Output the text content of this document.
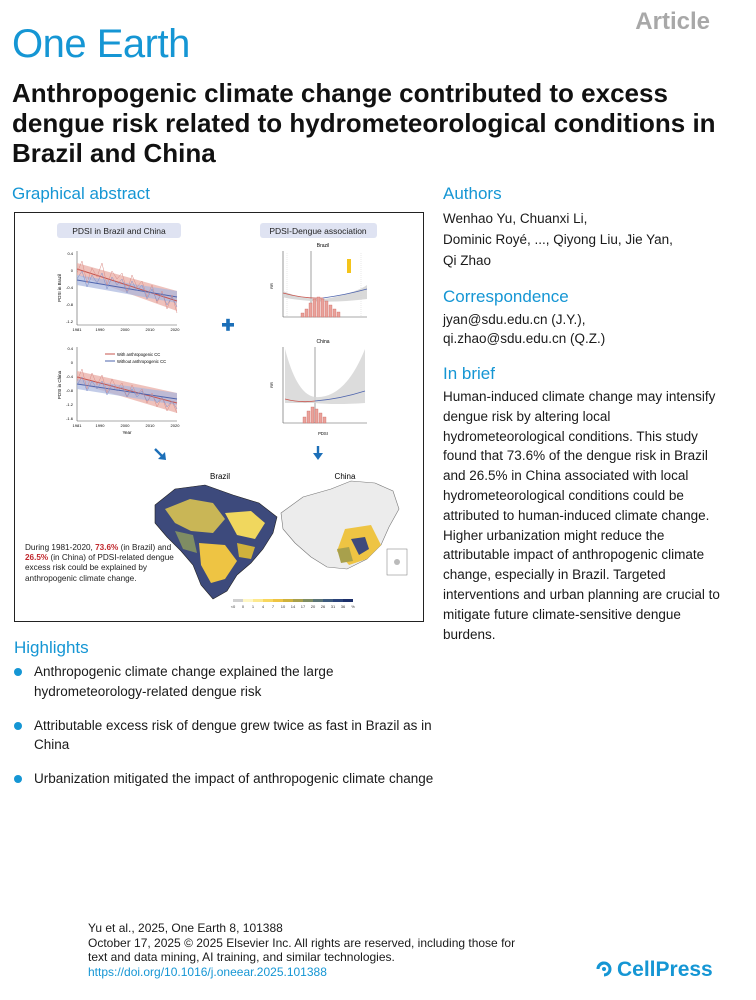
Article
One Earth
Anthropogenic climate change contributed to excess dengue risk related to hydrometeorological conditions in Brazil and China
Graphical abstract
PDSI in Brazil and China	PDSI-Dengue association
0.4
0
-0.4
-0.8
-1.2
PDSI in Brazil
1981	1990	2000	2010	2020
0.4
0
-0.4
-0.8
-1.2
-1.6
PDSI in China
1981	1990	2000	2010	2020
Year
With anthropogenic CC
Without anthropogenic CC
Brazil
RR
China
RR
PDSI
Brazil	China
<0 0 1 4 7 10 14 17 20 26 31 36 %
During 1981-2020, 73.6% (in Brazil) and 26.5% (in China) of PDSI-related dengue excess risk could be explained by anthropogenic climate change.
Authors
Wenhao Yu, Chuanxi Li,
Dominic Royé, ..., Qiyong Liu, Jie Yan,
Qi Zhao
Correspondence
jyan@sdu.edu.cn (J.Y.),
qi.zhao@sdu.edu.cn (Q.Z.)
In brief
Human-induced climate change may intensify dengue risk by altering local hydrometeorological conditions. This study found that 73.6% of the dengue risk in Brazil and 26.5% in China associated with local hydrometeorological conditions could be attributed to human-induced climate change. Higher urbanization might reduce the attributable impact of anthropogenic climate change, especially in Brazil. Targeted interventions and urban planning are crucial to mitigate future climate-sensitive dengue burdens.
Highlights
Anthropogenic climate change explained the large hydrometeorology-related dengue risk
Attributable excess risk of dengue grew twice as fast in Brazil as in China
Urbanization mitigated the impact of anthropogenic climate change
Yu et al., 2025, One Earth 8, 101388
October 17, 2025 © 2025 Elsevier Inc. All rights are reserved, including those for text and data mining, AI training, and similar technologies.
https://doi.org/10.1016/j.oneear.2025.101388	CellPress
